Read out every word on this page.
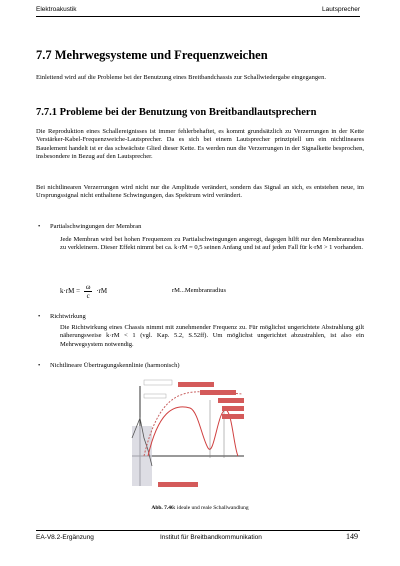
Elektroakustik	Lautsprecher
7.7 Mehrwegsysteme und Frequenzweichen
Einleitend wird auf die Probleme bei der Benutzung eines Breitbandchassis zur Schallwiedergabe eingegangen.
7.7.1 Probleme bei der Benutzung von Breitbandlautsprechern
Die Reproduktion eines Schallereignisses ist immer fehlerbehaftet, es kommt grundsätzlich zu Verzerrungen in der Kette Verstärker-Kabel-Frequenzweiche-Lautsprecher. Da es sich bei einem Lautsprecher prinzipiell um ein nichtlineares Bauelement handelt ist er das schwächste Glied dieser Kette. Es werden nun die Verzerrungen in der Signalkette besprochen, insbesondere in Bezug auf den Lautsprecher.
Bei nichtlinearen Verzerrungen wird nicht nur die Amplitude verändert, sondern das Signal an sich, es entstehen neue, im Ursprungssignal nicht enthaltene Schwingungen, das Spektrum wird verändert.
• Partialschwingungen der Membran
Jede Membran wird bei hohen Frequenzen zu Partialschwingungen angeregt, dagegen hilft nur den Membranradius zu verkleinern. Dieser Effekt nimmt bei ca. k·rM = 0,5 seinen Anfang und ist auf jeden Fall für k·rM > 1 vorhanden.
$k\cdot rM = \frac{\omega}{c} \cdot rM$	rM...Membranradius
• Richtwirkung
Die Richtwirkung eines Chassis nimmt mit zunehmender Frequenz zu. Für möglichst ungerichtete Abstrahlung gilt näherungsweise k·rM < 1 (vgl. Kap. 5.2, S.52ff). Um möglichst ungerichtet abzustrahlen, ist also ein Mehrwegsystem notwendig.
• Nichtlineare Übertragungskennlinie (harmonisch)
Abb. 7.46: ideale und reale Schallwandlung
EA-V8.2-Ergänzung	Institut für Breitbandkommunikation	149
